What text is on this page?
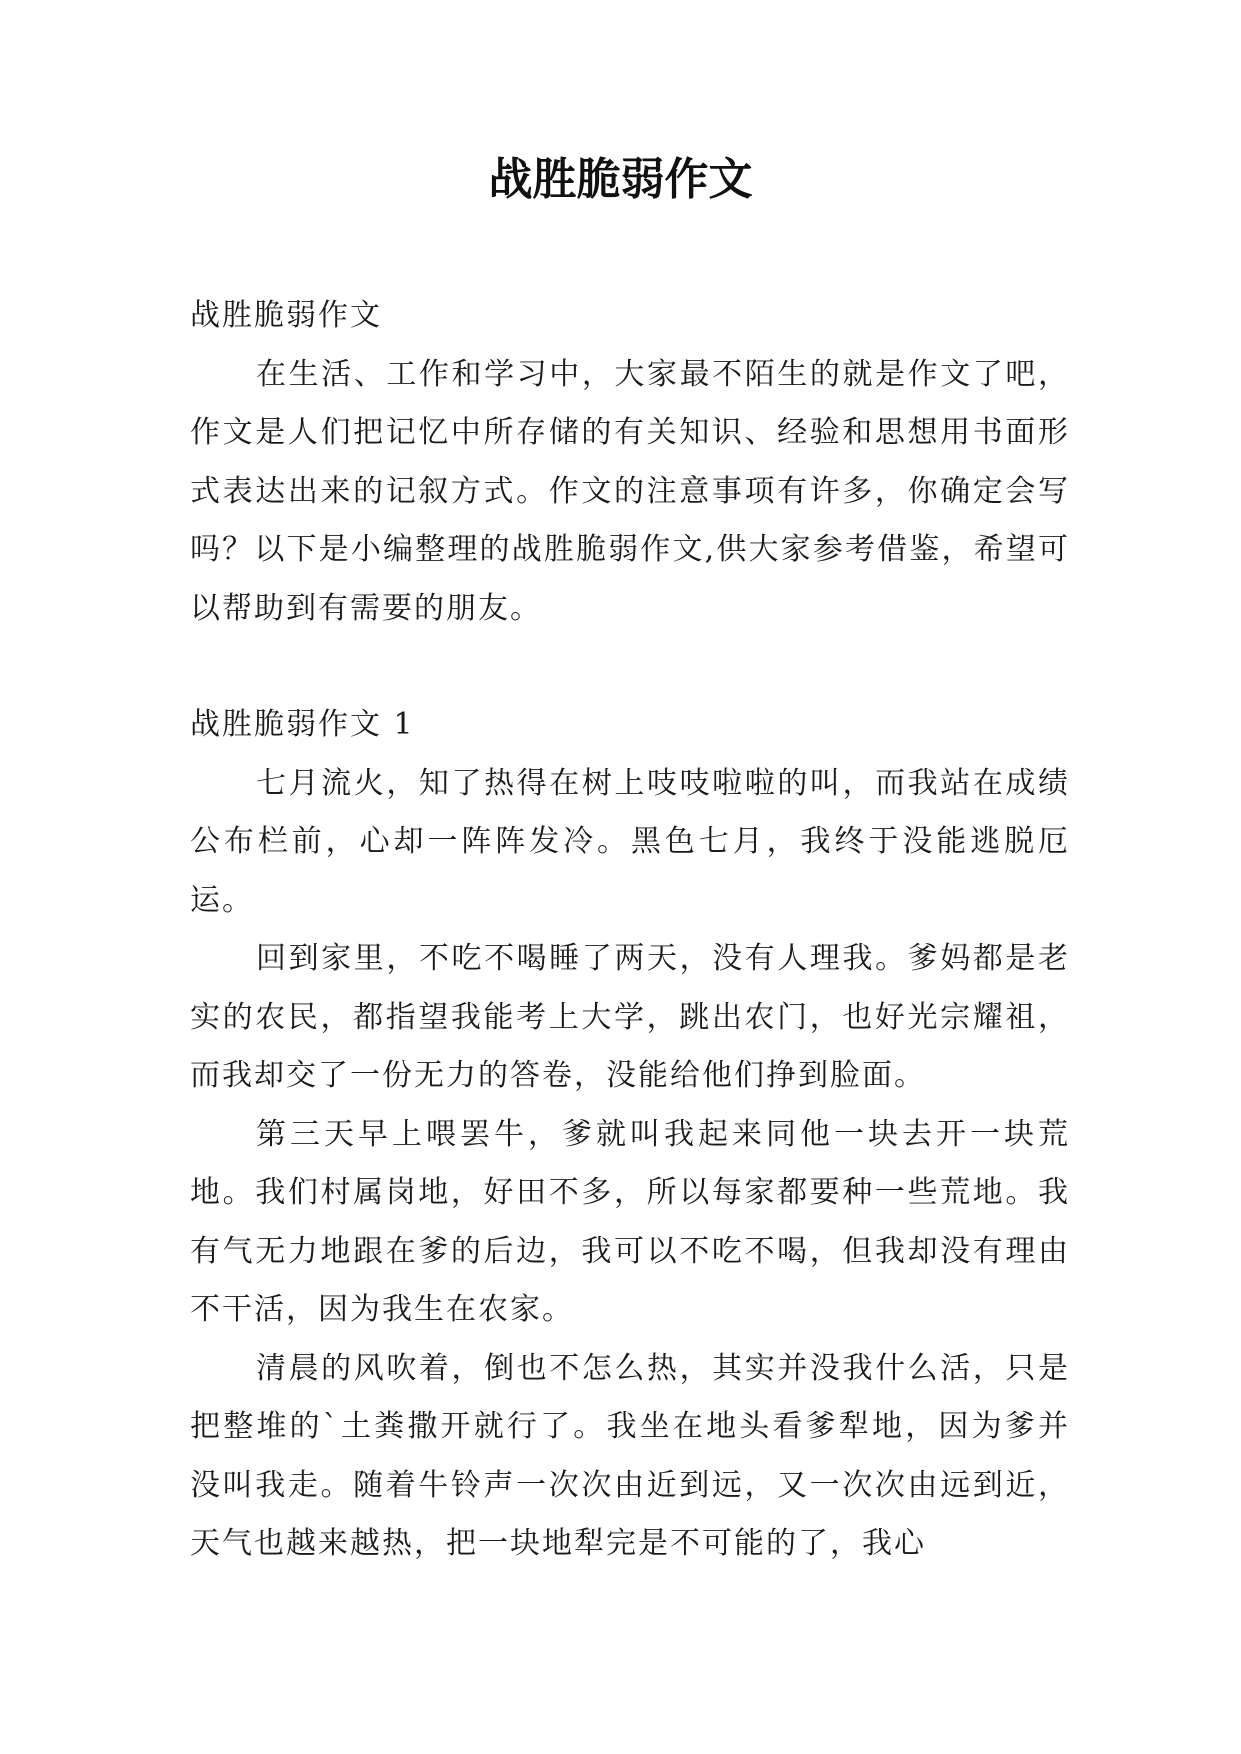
战胜脆弱作文

战胜脆弱作文

在生活、工作和学习中，大家最不陌生的就是作文了吧，作文是人们把记忆中所存储的有关知识、经验和思想用书面形式表达出来的记叙方式。作文的注意事项有许多，你确定会写吗？以下是小编整理的战胜脆弱作文,供大家参考借鉴，希望可以帮助到有需要的朋友。

战胜脆弱作文 1

七月流火，知了热得在树上吱吱啦啦的叫，而我站在成绩公布栏前，心却一阵阵发冷。黑色七月，我终于没能逃脱厄运。

回到家里，不吃不喝睡了两天，没有人理我。爹妈都是老实的农民，都指望我能考上大学，跳出农门，也好光宗耀祖，而我却交了一份无力的答卷，没能给他们挣到脸面。

第三天早上喂罢牛，爹就叫我起来同他一块去开一块荒地。我们村属岗地，好田不多，所以每家都要种一些荒地。我有气无力地跟在爹的后边，我可以不吃不喝，但我却没有理由不干活，因为我生在农家。

清晨的风吹着，倒也不怎么热，其实并没我什么活，只是把整堆的`土粪撒开就行了。我坐在地头看爹犁地，因为爹并没叫我走。随着牛铃声一次次由近到远，又一次次由远到近，天气也越来越热，把一块地犁完是不可能的了，我心
